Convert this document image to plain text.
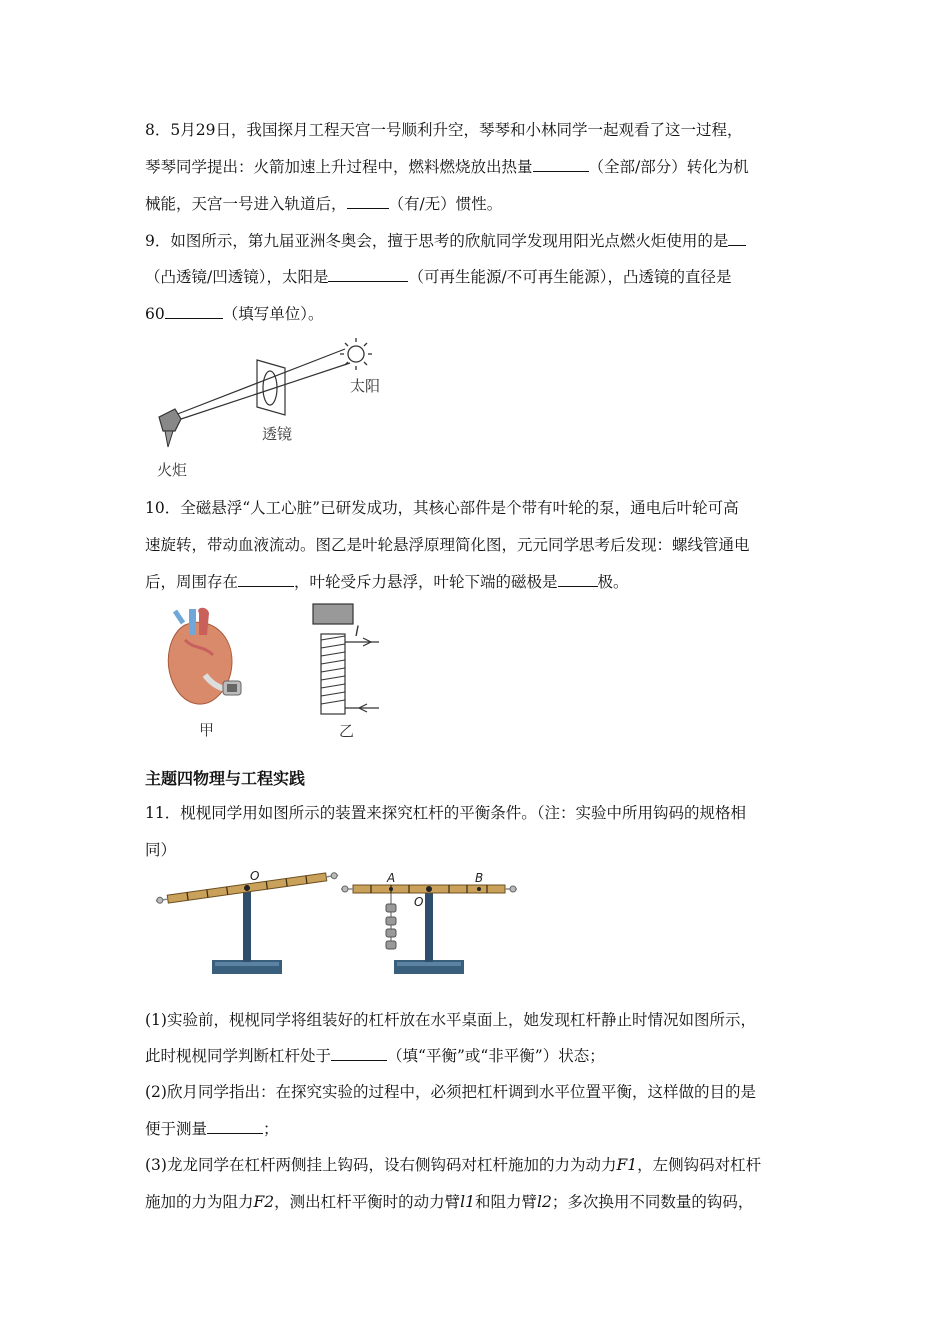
8．5月29日，我国探月工程天宫一号顺利升空，琴琴和小林同学一起观看了这一过程，
琴琴同学提出：火箭加速上升过程中，燃料燃烧放出热量	（全部/部分）转化为机
械能，天宫一号进入轨道后，	（有/无）惯性。
9．如图所示，第九届亚洲冬奥会，擅于思考的欣航同学发现用阳光点燃火炬使用的是
（凸透镜/凹透镜），太阳是	（可再生能源/不可再生能源），凸透镜的直径是
60	（填写单位）。
太阳
透镜
火炬
10．全磁悬浮“人工心脏”已研发成功，其核心部件是个带有叶轮的泵，通电后叶轮可高
速旋转，带动血液流动。图乙是叶轮悬浮原理简化图，元元同学思考后发现：螺线管通电
后，周围存在	，叶轮受斥力悬浮，叶轮下端的磁极是	极。
甲
I
乙
主题四物理与工程实践
11．枧枧同学用如图所示的装置来探究杠杆的平衡条件。（注：实验中所用钩码的规格相
同）
O	A	B
O
(1)实验前，枧枧同学将组装好的杠杆放在水平桌面上，她发现杠杆静止时情况如图所示，
此时枧枧同学判断杠杆处于	（填“平衡”或“非平衡”）状态；
(2)欣月同学指出：在探究实验的过程中，必须把杠杆调到水平位置平衡，这样做的目的是
便于测量	；
(3)龙龙同学在杠杆两侧挂上钩码，设右侧钩码对杠杆施加的力为动力F1，左侧钩码对杠杆
施加的力为阻力F2，测出杠杆平衡时的动力臂l1和阻力臂l2；多次换用不同数量的钩码，
